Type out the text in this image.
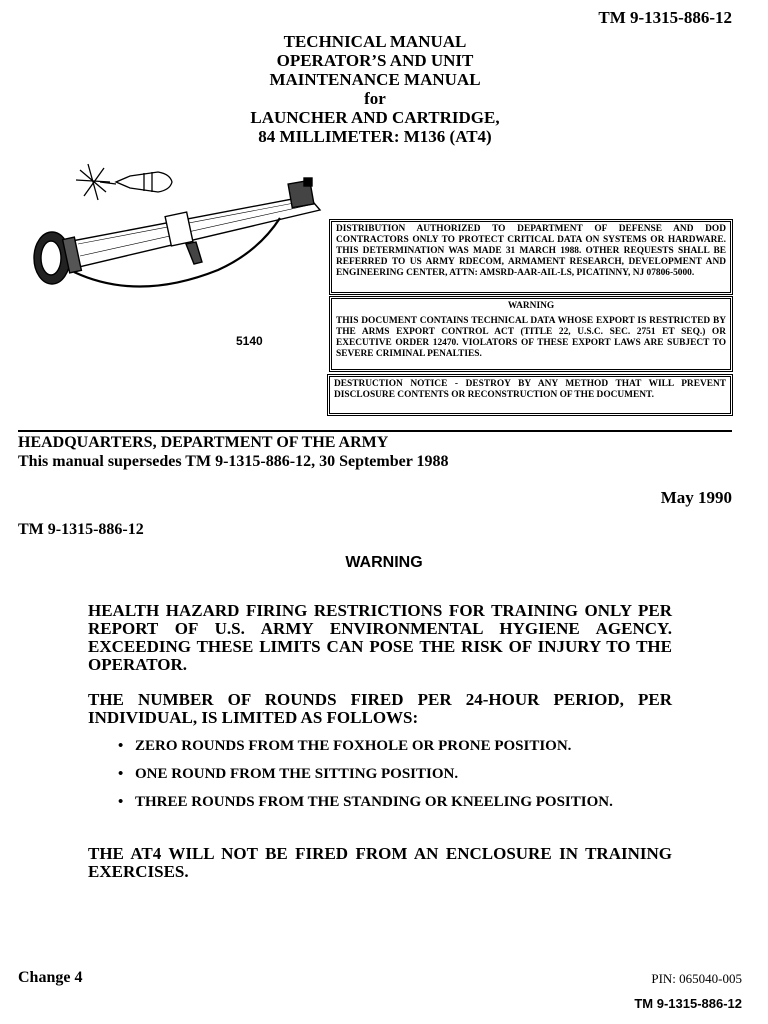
TM 9-1315-886-12
TECHNICAL MANUAL
OPERATOR’S AND UNIT
MAINTENANCE MANUAL
for
LAUNCHER AND CARTRIDGE,
84 MILLIMETER: M136 (AT4)
5140
DISTRIBUTION AUTHORIZED TO DEPARTMENT OF DEFENSE AND DOD CONTRACTORS ONLY TO PROTECT CRITICAL DATA ON SYSTEMS OR HARDWARE. THIS DETERMINATION WAS MADE 31 MARCH 1988. OTHER REQUESTS SHALL BE REFERRED TO US ARMY RDECOM, ARMAMENT RESEARCH, DEVELOPMENT AND ENGINEERING CENTER, ATTN: AMSRD-AAR-AIL-LS, PICATINNY, NJ 07806-5000.
WARNING
THIS DOCUMENT CONTAINS TECHNICAL DATA WHOSE EXPORT IS RESTRICTED BY THE ARMS EXPORT CONTROL ACT (TITLE 22, U.S.C. SEC. 2751 ET SEQ.) OR EXECUTIVE ORDER 12470. VIOLATORS OF THESE EXPORT LAWS ARE SUBJECT TO SEVERE CRIMINAL PENALTIES.
DESTRUCTION NOTICE - DESTROY BY ANY METHOD THAT WILL PREVENT DISCLOSURE CONTENTS OR RECONSTRUCTION OF THE DOCUMENT.
HEADQUARTERS, DEPARTMENT OF THE ARMY
This manual supersedes TM 9-1315-886-12, 30 September 1988
May 1990
TM 9-1315-886-12
WARNING
HEALTH HAZARD FIRING RESTRICTIONS FOR TRAINING ONLY PER REPORT OF U.S. ARMY ENVIRONMENTAL HYGIENE AGENCY. EXCEEDING THESE LIMITS CAN POSE THE RISK OF INJURY TO THE OPERATOR.
THE NUMBER OF ROUNDS FIRED PER 24-HOUR PERIOD, PER INDIVIDUAL, IS LIMITED AS FOLLOWS:
• ZERO ROUNDS FROM THE FOXHOLE OR PRONE POSITION.
• ONE ROUND FROM THE SITTING POSITION.
• THREE ROUNDS FROM THE STANDING OR KNEELING POSITION.
THE AT4 WILL NOT BE FIRED FROM AN ENCLOSURE IN TRAINING EXERCISES.
Change 4	PIN: 065040-005
TM 9-1315-886-12
